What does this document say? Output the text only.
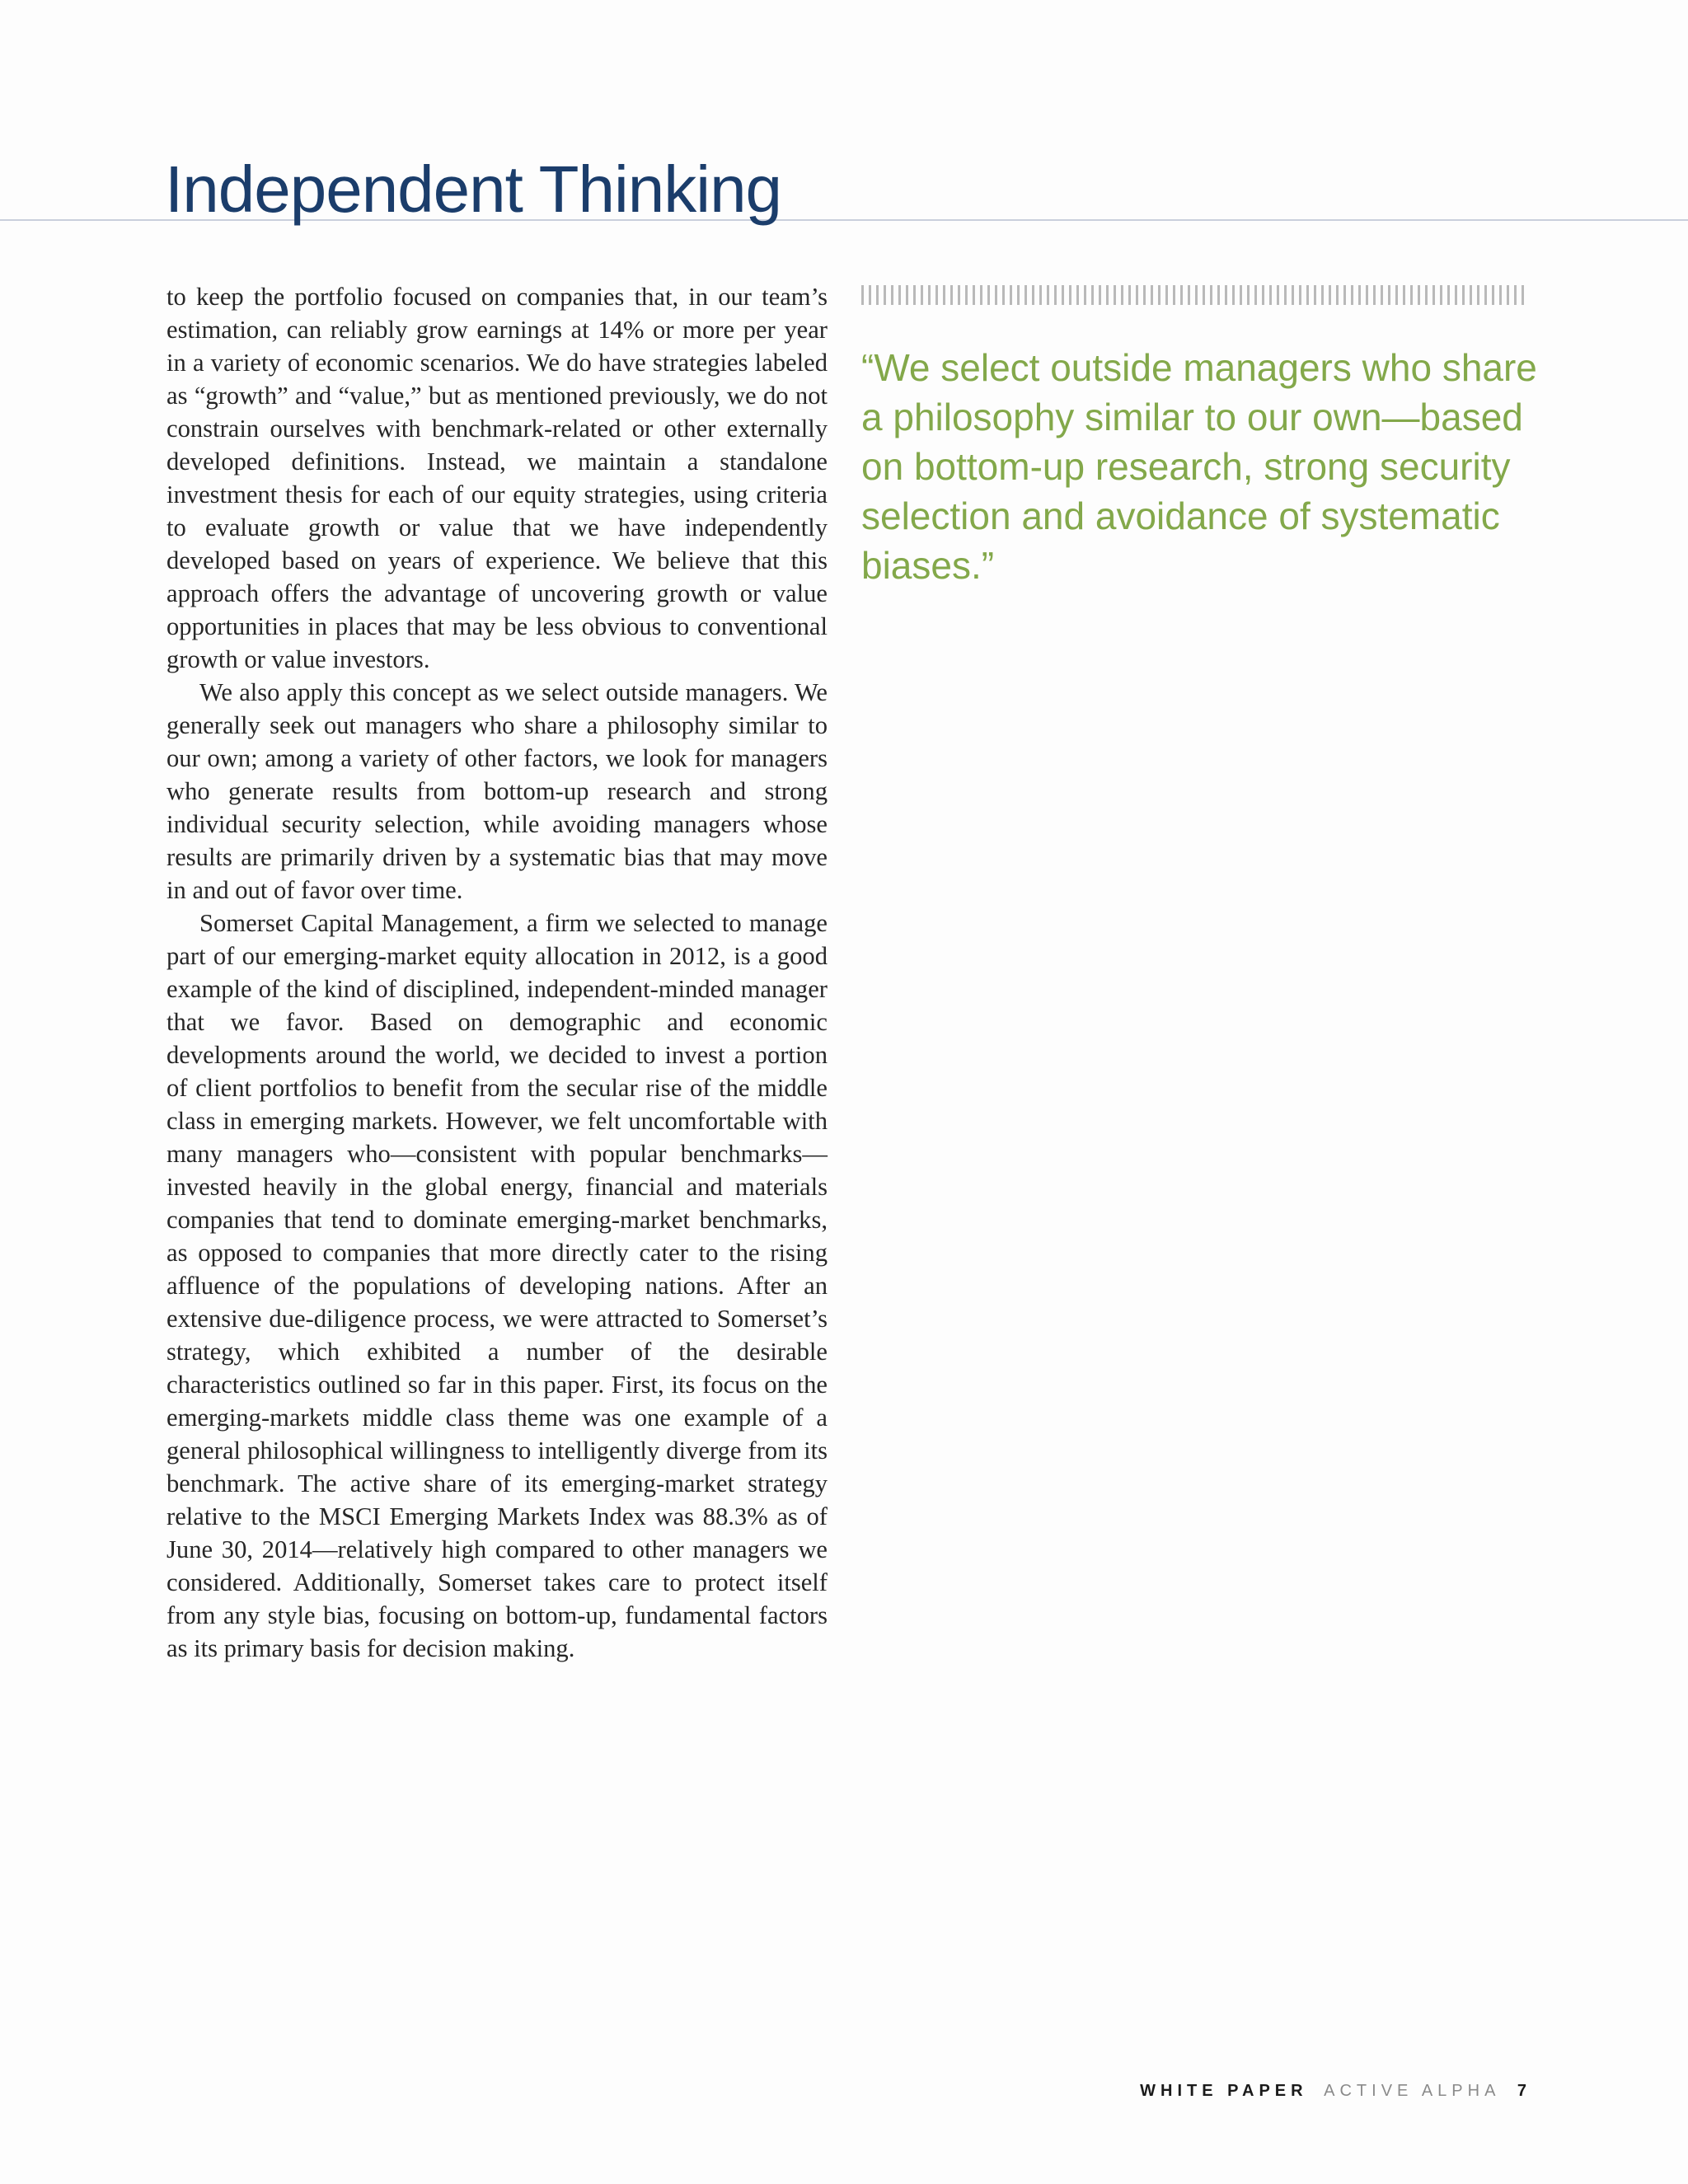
Independent Thinking

to keep the portfolio focused on companies that, in our team’s estimation, can reliably grow earnings at 14% or more per year in a variety of economic scenarios. We do have strategies labeled as “growth” and “value,” but as mentioned previously, we do not constrain ourselves with benchmark-related or other externally developed definitions. Instead, we maintain a standalone investment thesis for each of our equity strategies, using criteria to evaluate growth or value that we have independently developed based on years of experience. We believe that this approach offers the advantage of uncovering growth or value opportunities in places that may be less obvious to conventional growth or value investors.

We also apply this concept as we select outside managers. We generally seek out managers who share a philosophy similar to our own; among a variety of other factors, we look for managers who generate results from bottom-up research and strong individual security selection, while avoiding managers whose results are primarily driven by a systematic bias that may move in and out of favor over time.

Somerset Capital Management, a firm we selected to manage part of our emerging-market equity allocation in 2012, is a good example of the kind of disciplined, independent-minded manager that we favor. Based on demographic and economic developments around the world, we decided to invest a portion of client portfolios to benefit from the secular rise of the middle class in emerging markets. However, we felt uncomfortable with many managers who—consistent with popular benchmarks—invested heavily in the global energy, financial and materials companies that tend to dominate emerging-market benchmarks, as opposed to companies that more directly cater to the rising affluence of the populations of developing nations. After an extensive due-diligence process, we were attracted to Somerset’s strategy, which exhibited a number of the desirable characteristics outlined so far in this paper. First, its focus on the emerging-markets middle class theme was one example of a general philosophical willingness to intelligently diverge from its benchmark. The active share of its emerging-market strategy relative to the MSCI Emerging Markets Index was 88.3% as of June 30, 2014—relatively high compared to other managers we considered. Additionally, Somerset takes care to protect itself from any style bias, focusing on bottom-up, fundamental factors as its primary basis for decision making.

“We select outside managers who share a philosophy similar to our own—based on bottom-up research, strong security selection and avoidance of systematic biases.”

WHITE PAPER ACTIVE ALPHA 7
